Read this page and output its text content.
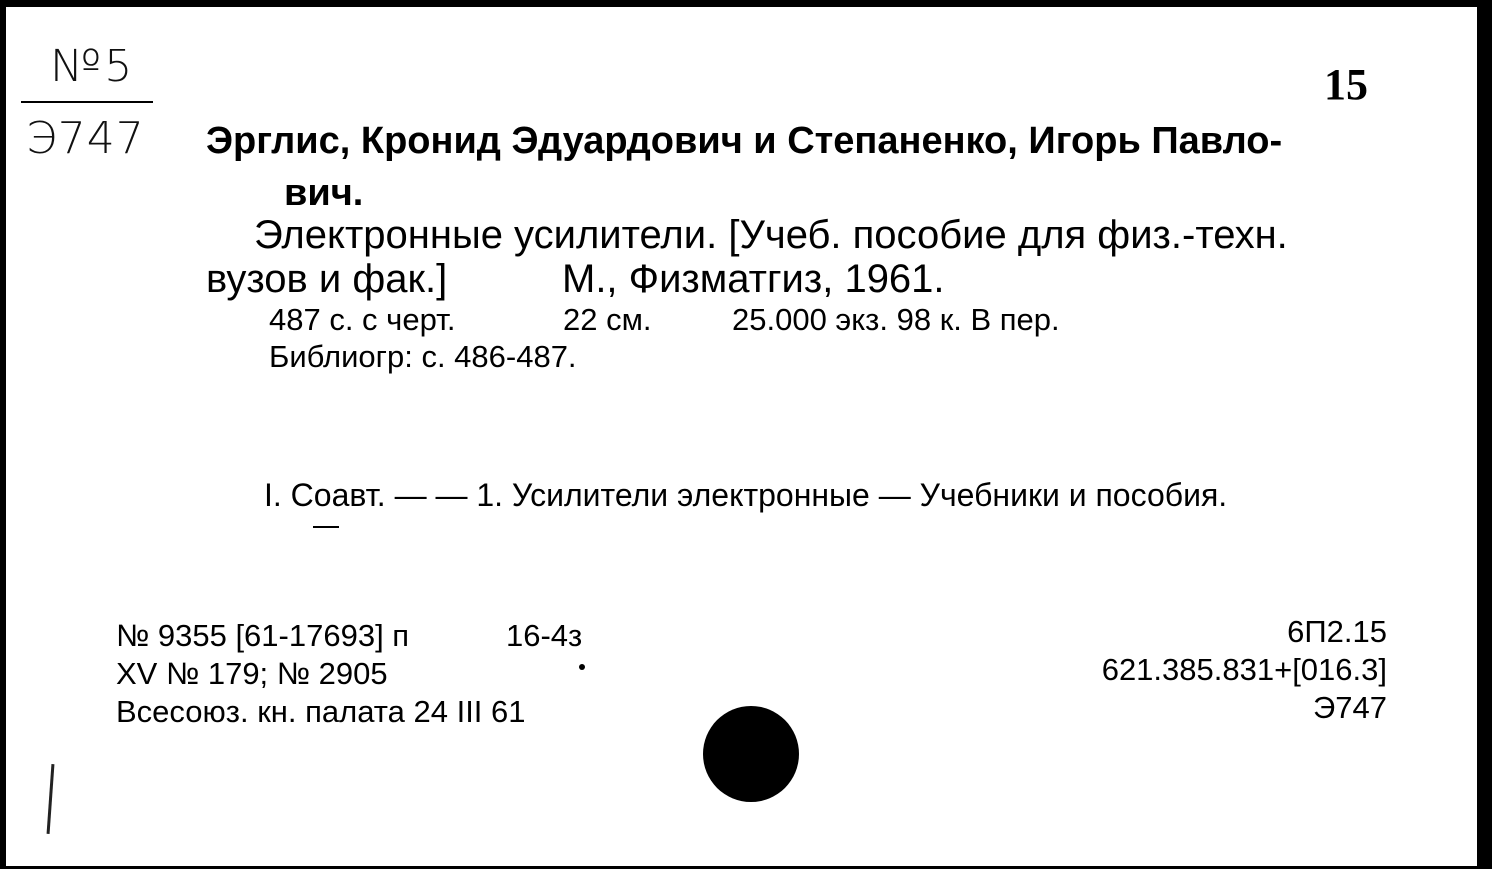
№5
Э747
15
Эрглис, Кронид Эдуардович и Степаненко, Игорь Павло-
вич.
Электронные усилители. [Учеб. пособие для физ.-техн.
вузов и фак.]	М., Физматгиз, 1961.
487 с. с черт.	22 см.	25.000 экз. 98 к. В пер.
Библиогр: с. 486-487.
I. Соавт. — — 1. Усилители электронные — Учебники и пособия.
№ 9355 [61-17693] п	16-4з
XV № 179; № 2905
Всесоюз. кн. палата 24 III 61
6П2.15
621.385.831+[016.3]
Э747
